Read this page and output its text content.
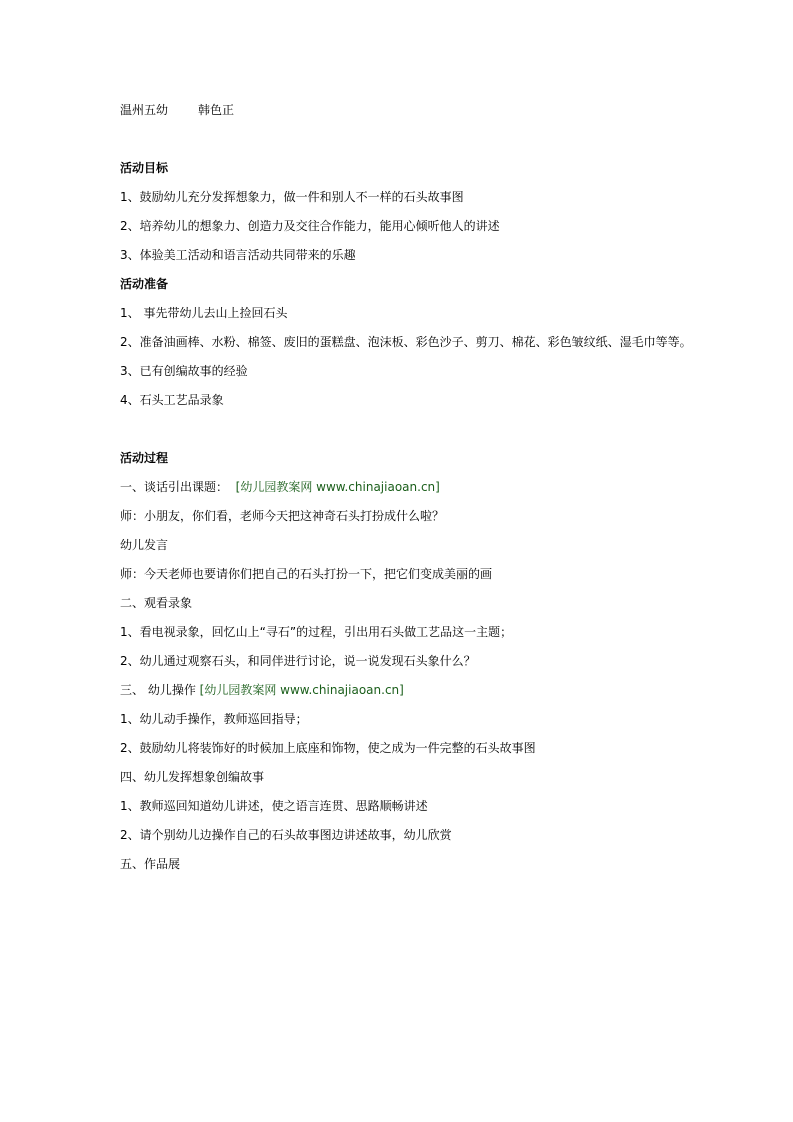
温州五幼	韩色正

活动目标

1、鼓励幼儿充分发挥想象力，做一件和别人不一样的石头故事图

2、培养幼儿的想象力、创造力及交往合作能力，能用心倾听他人的讲述

3、体验美工活动和语言活动共同带来的乐趣

活动准备

1、 事先带幼儿去山上捡回石头

2、准备油画棒、水粉、棉签、废旧的蛋糕盘、泡沫板、彩色沙子、剪刀、棉花、彩色皱纹纸、湿毛巾等等。

3、已有创编故事的经验

4、石头工艺品录象

活动过程

一、谈话引出课题： [幼儿园教案网 www.chinajiaoan.cn]

师：小朋友，你们看，老师今天把这神奇石头打扮成什么啦？

幼儿发言

师：今天老师也要请你们把自己的石头打扮一下，把它们变成美丽的画

二、观看录象

1、看电视录象，回忆山上“寻石”的过程，引出用石头做工艺品这一主题；

2、幼儿通过观察石头，和同伴进行讨论，说一说发现石头象什么？

三、 幼儿操作 [幼儿园教案网 www.chinajiaoan.cn]

1、幼儿动手操作，教师巡回指导；

2、鼓励幼儿将装饰好的时候加上底座和饰物，使之成为一件完整的石头故事图

四、幼儿发挥想象创编故事

1、教师巡回知道幼儿讲述，使之语言连贯、思路顺畅讲述

2、请个别幼儿边操作自己的石头故事图边讲述故事，幼儿欣赏

五、作品展
